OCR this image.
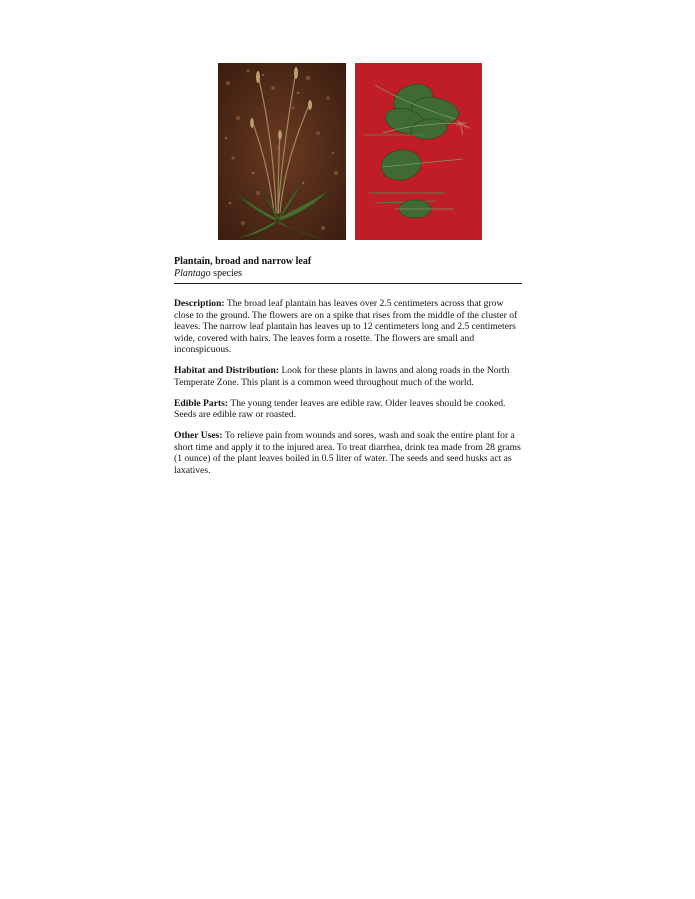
Plantain, broad and narrow leaf

Plantago species

Description: The broad leaf plantain has leaves over 2.5 centimeters across that grow close to the ground. The flowers are on a spike that rises from the middle of the cluster of leaves. The narrow leaf plantain has leaves up to 12 centimeters long and 2.5 centimeters wide, covered with hairs. The leaves form a rosette. The flowers are small and inconspicuous.

Habitat and Distribution: Look for these plants in lawns and along roads in the North Temperate Zone. This plant is a common weed throughout much of the world.

Edible Parts: The young tender leaves are edible raw. Older leaves should be cooked. Seeds are edible raw or roasted.

Other Uses: To relieve pain from wounds and sores, wash and soak the entire plant for a short time and apply it to the injured area. To treat diarrhea, drink tea made from 28 grams (1 ounce) of the plant leaves boiled in 0.5 liter of water. The seeds and seed husks act as laxatives.
